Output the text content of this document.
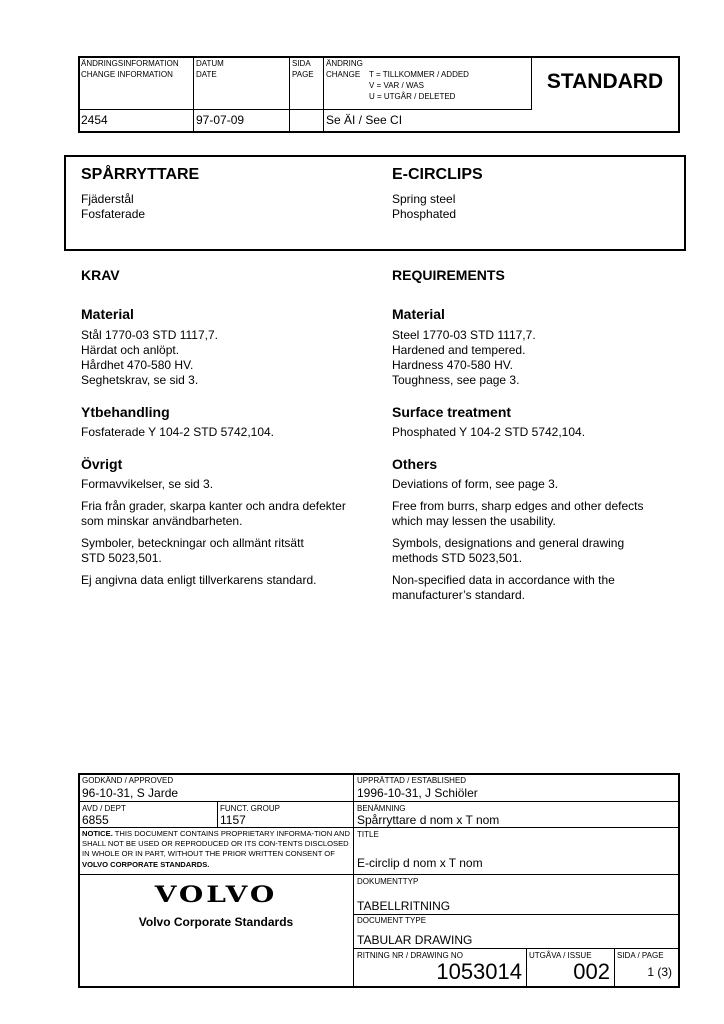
ÄNDRINGSINFORMATION
CHANGE INFORMATION
DATUM
DATE
SIDA
PAGE
ÄNDRING
CHANGE T = TILLKOMMER / ADDED
V = VAR / WAS
U = UTGÅR / DELETED
STANDARD
2454	97-07-09	Se ÄI / See CI
SPÅRRYTTARE
Fjäderstål
Fosfaterade
E-CIRCLIPS
Spring steel
Phosphated
KRAV
Material

Stål 1770-03 STD 1117,7.
Härdat och anlöpt.
Hårdhet 470-580 HV.
Seghetskrav, se sid 3.

Ytbehandling

Fosfaterade Y 104-2 STD 5742,104.

Övrigt

Formavvikelser, se sid 3.

Fria från grader, skarpa kanter och andra defekter
som minskar användbarheten.

Symboler, beteckningar och allmänt ritsätt
STD 5023,501.

Ej angivna data enligt tillverkarens standard.

REQUIREMENTS
Material

Steel 1770-03 STD 1117,7.
Hardened and tempered.
Hardness 470-580 HV.
Toughness, see page 3.

Surface treatment

Phosphated Y 104-2 STD 5742,104.

Others

Deviations of form, see page 3.

Free from burrs, sharp edges and other defects
which may lessen the usability.

Symbols, designations and general drawing
methods STD 5023,501.

Non-specified data in accordance with the
manufacturer’s standard.

GODKÄND / APPROVED
96-10-31, S Jarde
AVD / DEPT
6855
FUNCT. GROUP
1157
NOTICE. THIS DOCUMENT CONTAINS PROPRIETARY INFORMA-TION AND SHALL NOT BE USED OR REPRODUCED OR ITS CON-TENTS DISCLOSED IN WHOLE OR IN PART, WITHOUT THE PRIOR WRITTEN CONSENT OF VOLVO CORPORATE STANDARDS.
VOLVO
Volvo Corporate Standards
UPPRÄTTAD / ESTABLISHED
1996-10-31, J Schiöler
BENÄMNING
Spårryttare d nom x T nom
TITLE
E-circlip d nom x T nom
DOKUMENTTYP
TABELLRITNING
DOCUMENT TYPE
TABULAR DRAWING
RITNING NR / DRAWING NO
1053014
UTGÅVA / ISSUE
002
SIDA / PAGE
1 (3)
